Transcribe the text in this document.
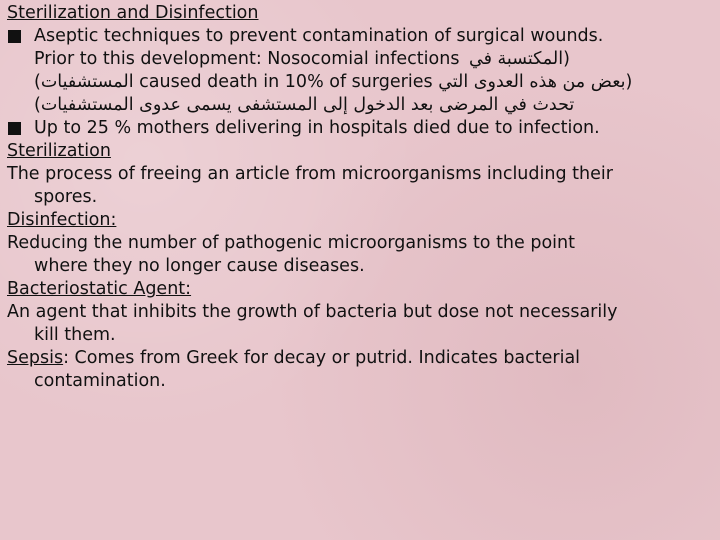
Sterilization and Disinfection

Aseptic techniques to prevent contamination of surgical wounds.
Prior to this development: Nosocomial infections (المكتسبة في
(المستشفيات caused death in 10% of surgeries (بعض من هذه العدوى التي
(تحدث في المرضى بعد الدخول إلى المستشفى يسمى عدوى المستشفيات
Up to 25 % mothers delivering in hospitals died due to infection.

Sterilization

The process of freeing an article from microorganisms including their

spores.

Disinfection:

Reducing the number of pathogenic microorganisms to the point

where they no longer cause diseases.

Bacteriostatic Agent:

An agent that inhibits the growth of bacteria but dose not necessarily

kill them.

Sepsis: Comes from Greek for decay or putrid. Indicates bacterial

contamination.
